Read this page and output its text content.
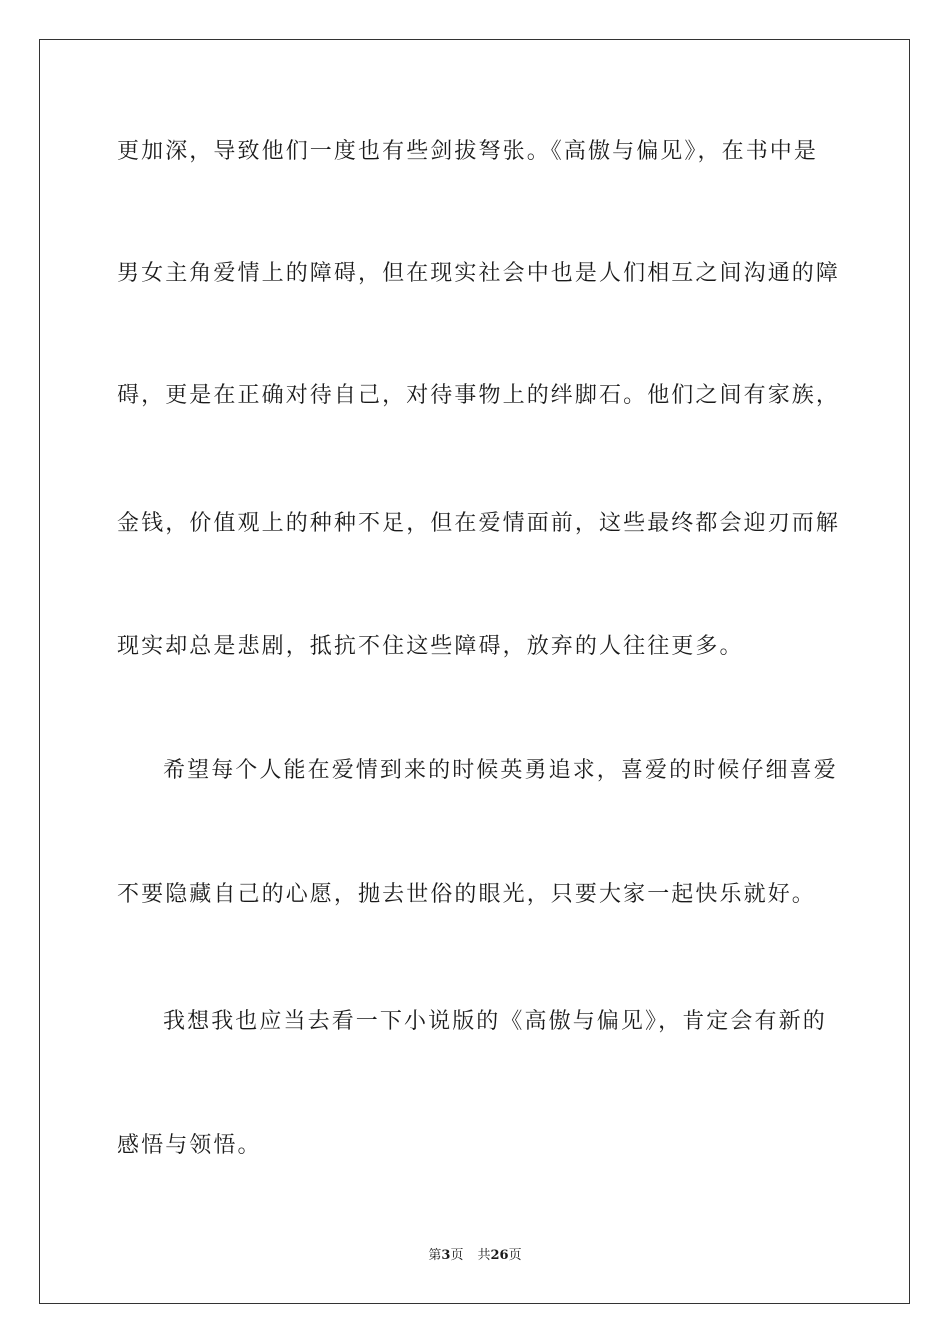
更加深，导致他们一度也有些剑拔弩张。《高傲与偏见》，在书中是
男女主角爱情上的障碍，但在现实社会中也是人们相互之间沟通的障
碍，更是在正确对待自己，对待事物上的绊脚石。他们之间有家族，
金钱，价值观上的种种不足，但在爱情面前，这些最终都会迎刃而解
现实却总是悲剧，抵抗不住这些障碍，放弃的人往往更多。
希望每个人能在爱情到来的时候英勇追求，喜爱的时候仔细喜爱
不要隐藏自己的心愿，抛去世俗的眼光，只要大家一起快乐就好。
我想我也应当去看一下小说版的《高傲与偏见》，肯定会有新的
感悟与领悟。
第3页 共26页
